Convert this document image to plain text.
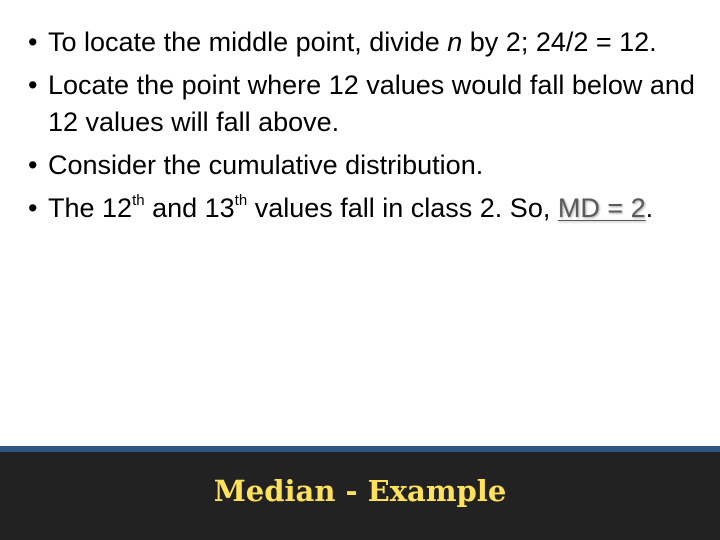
• To locate the middle point, divide n by 2; 24/2 = 12.
• Locate the point where 12 values would fall below and 12 values will fall above.
• Consider the cumulative distribution.
• The 12th and 13th values fall in class 2. So, MD = 2.
Median - Example
